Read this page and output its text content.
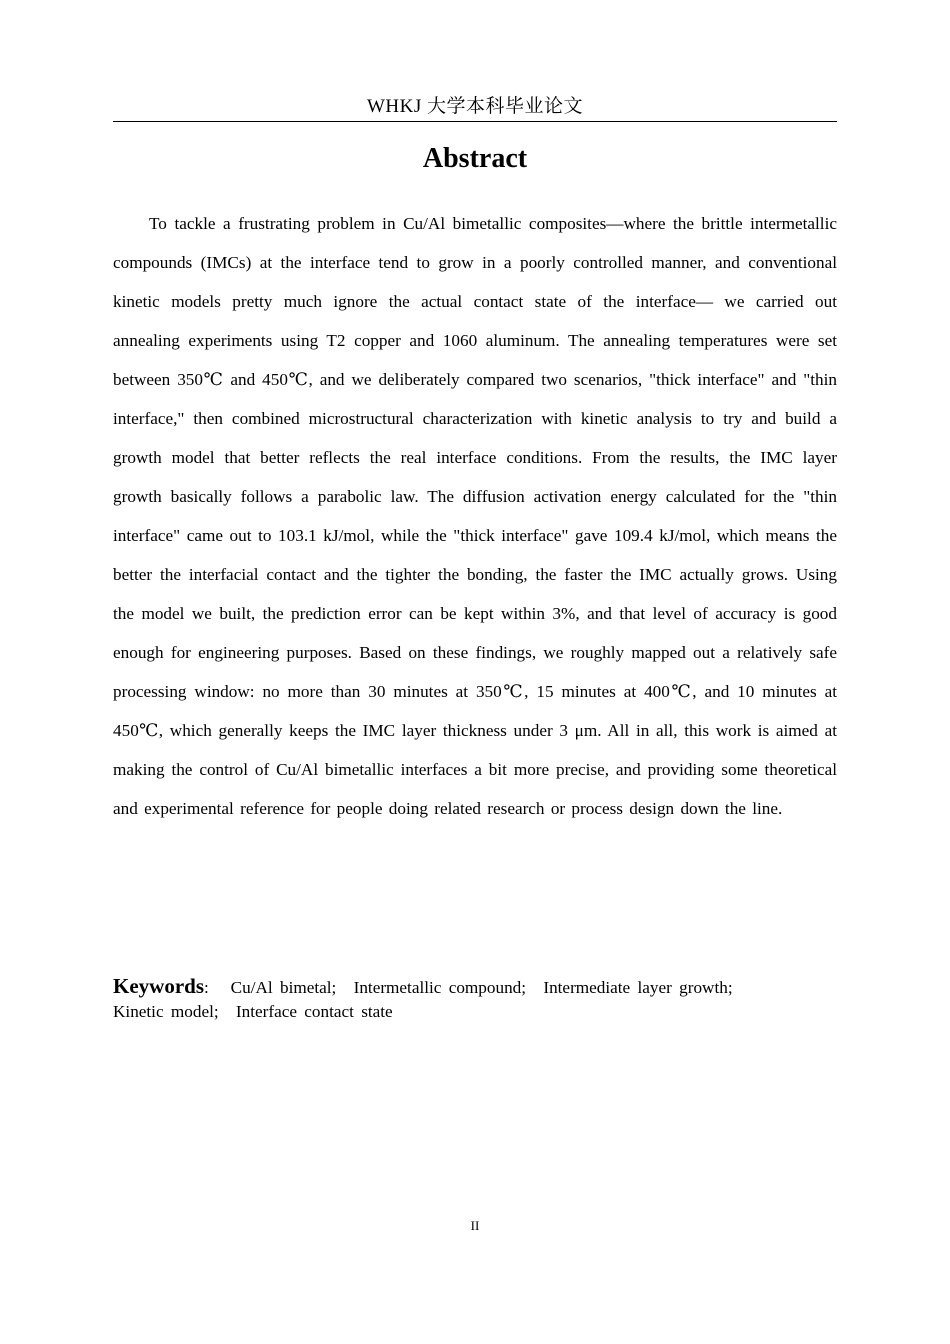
WHKJ 大学本科毕业论文
Abstract

To tackle a frustrating problem in Cu/Al bimetallic composites—where the brittle intermetallic compounds (IMCs) at the interface tend to grow in a poorly controlled manner, and conventional kinetic models pretty much ignore the actual contact state of the interface— we carried out annealing experiments using T2 copper and 1060 aluminum. The annealing temperatures were set between 350℃ and 450℃, and we deliberately compared two scenarios, "thick interface" and "thin interface," then combined microstructural characterization with kinetic analysis to try and build a growth model that better reflects the real interface conditions. From the results, the IMC layer growth basically follows a parabolic law. The diffusion activation energy calculated for the "thin interface" came out to 103.1 kJ/mol, while the "thick interface" gave 109.4 kJ/mol, which means the better the interfacial contact and the tighter the bonding, the faster the IMC actually grows. Using the model we built, the prediction error can be kept within 3%, and that level of accuracy is good enough for engineering purposes. Based on these findings, we roughly mapped out a relatively safe processing window: no more than 30 minutes at 350℃, 15 minutes at 400℃, and 10 minutes at 450℃, which generally keeps the IMC layer thickness under 3 μm. All in all, this work is aimed at making the control of Cu/Al bimetallic interfaces a bit more precise, and providing some theoretical and experimental reference for people doing related research or process design down the line.

Keywords: Cu/Al bimetal; Intermetallic compound; Intermediate layer growth;
Kinetic model; Interface contact state
II
